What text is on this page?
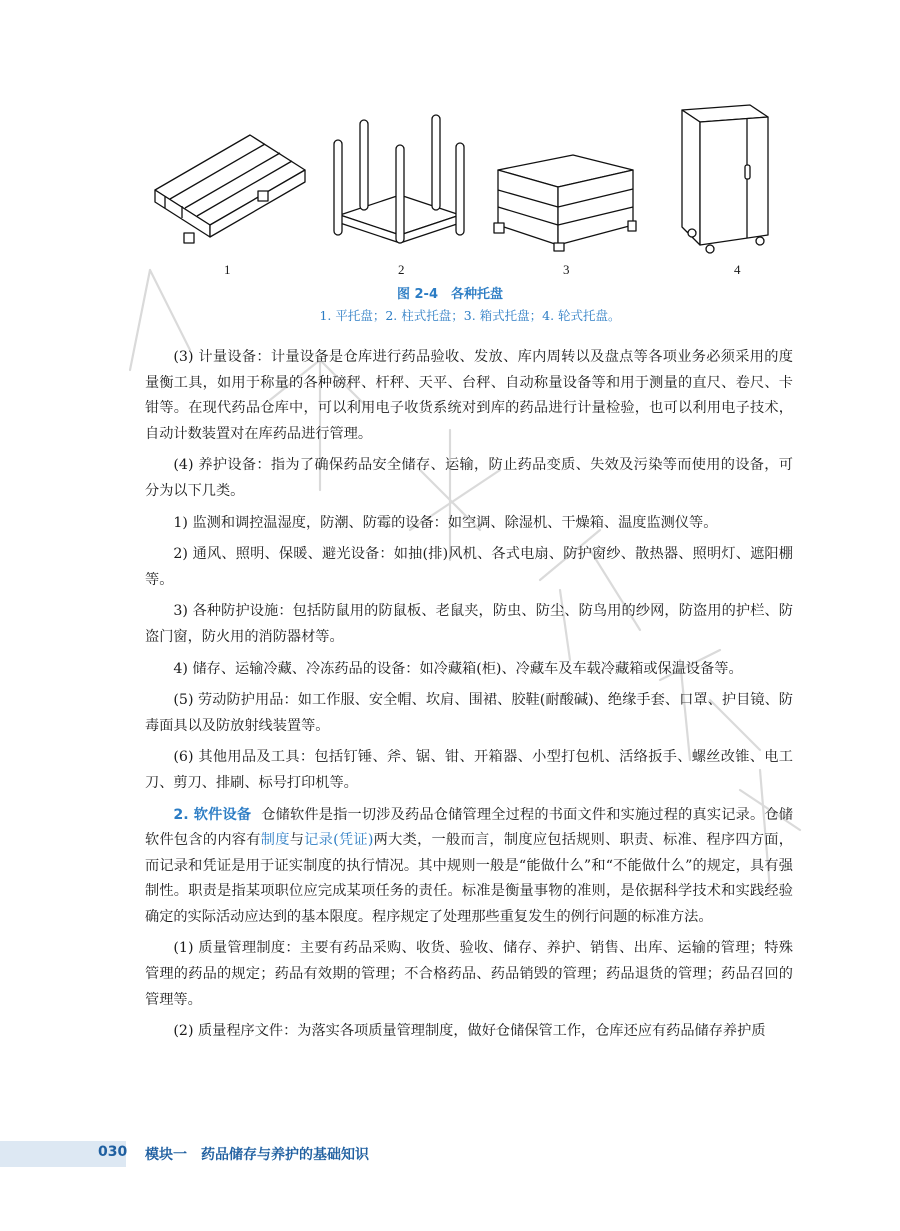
1	2	3	4
图 2-4　各种托盘
1. 平托盘；2. 柱式托盘；3. 箱式托盘；4. 轮式托盘。

(3) 计量设备：计量设备是仓库进行药品验收、发放、库内周转以及盘点等各项业务必须采用的度量衡工具，如用于称量的各种磅秤、杆秤、天平、台秤、自动称量设备等和用于测量的直尺、卷尺、卡钳等。在现代药品仓库中，可以利用电子收货系统对到库的药品进行计量检验，也可以利用电子技术，自动计数装置对在库药品进行管理。

(4) 养护设备：指为了确保药品安全储存、运输，防止药品变质、失效及污染等而使用的设备，可分为以下几类。

1) 监测和调控温湿度，防潮、防霉的设备：如空调、除湿机、干燥箱、温度监测仪等。

2) 通风、照明、保暖、避光设备：如抽(排)风机、各式电扇、防护窗纱、散热器、照明灯、遮阳棚等。

3) 各种防护设施：包括防鼠用的防鼠板、老鼠夹，防虫、防尘、防鸟用的纱网，防盗用的护栏、防盗门窗，防火用的消防器材等。

4) 储存、运输冷藏、冷冻药品的设备：如冷藏箱(柜)、冷藏车及车载冷藏箱或保温设备等。

(5) 劳动防护用品：如工作服、安全帽、坎肩、围裙、胶鞋(耐酸碱)、绝缘手套、口罩、护目镜、防毒面具以及防放射线装置等。

(6) 其他用品及工具：包括钉锤、斧、锯、钳、开箱器、小型打包机、活络扳手、螺丝改锥、电工刀、剪刀、排刷、标号打印机等。

2. 软件设备 仓储软件是指一切涉及药品仓储管理全过程的书面文件和实施过程的真实记录。仓储软件包含的内容有制度与记录(凭证)两大类，一般而言，制度应包括规则、职责、标准、程序四方面，而记录和凭证是用于证实制度的执行情况。其中规则一般是“能做什么”和“不能做什么”的规定，具有强制性。职责是指某项职位应完成某项任务的责任。标准是衡量事物的准则，是依据科学技术和实践经验确定的实际活动应达到的基本限度。程序规定了处理那些重复发生的例行问题的标准方法。

(1) 质量管理制度：主要有药品采购、收货、验收、储存、养护、销售、出库、运输的管理；特殊管理的药品的规定；药品有效期的管理；不合格药品、药品销毁的管理；药品退货的管理；药品召回的管理等。

(2) 质量程序文件：为落实各项质量管理制度，做好仓储保管工作，仓库还应有药品储存养护质

030 模块一 药品储存与养护的基础知识
